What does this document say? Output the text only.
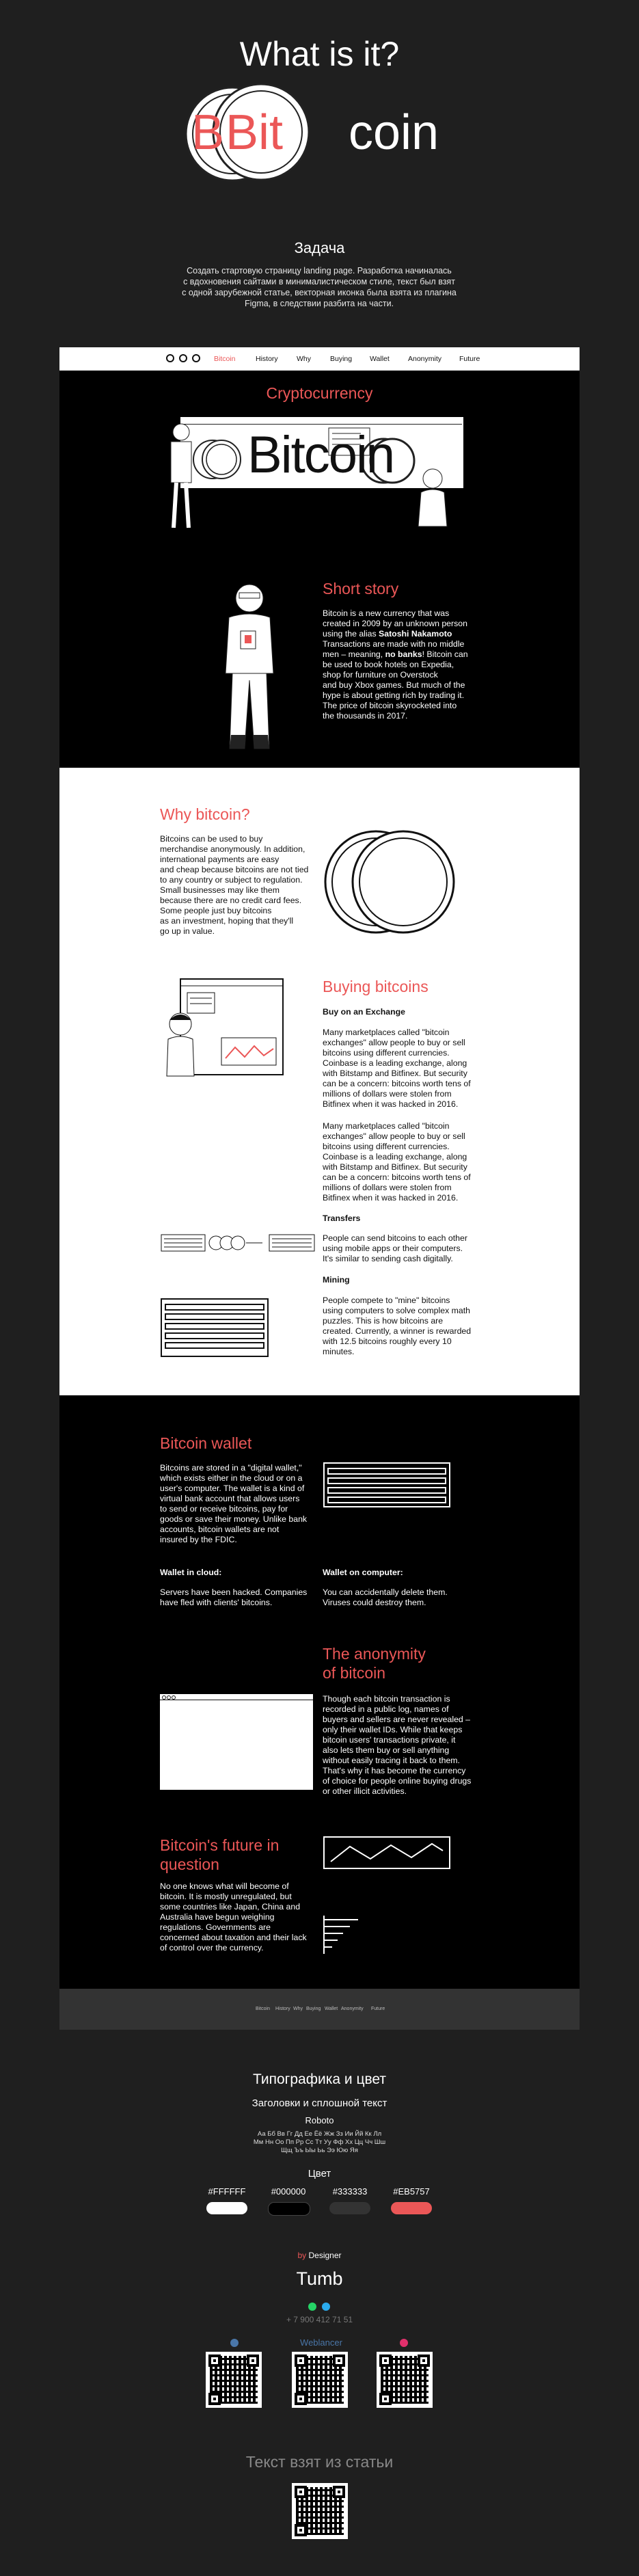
What is it?
B Bit coin
Задача
Создать стартовую страницу landing page. Разработка начиналась
с вдохновения сайтами в минималистическом стиле, текст был взят
с одной зарубежной статье, векторная иконка была взята из плагина
Figma, в следствии разбита на части.
Bitcoin	History	Why	Buying Wallet	Anonymity Future
Cryptocurrency
Bitcoin
Short story
Bitcoin is a new currency that was
created in 2009 by an unknown person
using the alias Satoshi Nakamoto
Transactions are made with no middle
men – meaning, no banks! Bitcoin can
be used to book hotels on Expedia,
shop for furniture on Overstock
and buy Xbox games. But much of the
hype is about getting rich by trading it.
The price of bitcoin skyrocketed into
the thousands in 2017.
Why bitcoin?
Bitcoins can be used to buy
merchandise anonymously. In addition,
international payments are easy
and cheap because bitcoins are not tied
to any country or subject to regulation.
Small businesses may like them
because there are no credit card fees.
Some people just buy bitcoins
as an investment, hoping that they'll
go up in value.
Buying bitcoins
Buy on an Exchange
Many marketplaces called "bitcoin
exchanges" allow people to buy or sell
bitcoins using different currencies.
Coinbase is a leading exchange, along
with Bitstamp and Bitfinex. But security
can be a concern: bitcoins worth tens of
millions of dollars were stolen from
Bitfinex when it was hacked in 2016.
Many marketplaces called "bitcoin
exchanges" allow people to buy or sell
bitcoins using different currencies.
Coinbase is a leading exchange, along
with Bitstamp and Bitfinex. But security
can be a concern: bitcoins worth tens of
millions of dollars were stolen from
Bitfinex when it was hacked in 2016.
Transfers
People can send bitcoins to each other
using mobile apps or their computers.
It's similar to sending cash digitally.
Mining
People compete to "mine" bitcoins
using computers to solve complex math
puzzles. This is how bitcoins are
created. Currently, a winner is rewarded
with 12.5 bitcoins roughly every 10
minutes.
Bitcoin wallet
Bitcoins are stored in a "digital wallet,"
which exists either in the cloud or on a
user's computer. The wallet is a kind of
virtual bank account that allows users
to send or receive bitcoins, pay for
goods or save their money. Unlike bank
accounts, bitcoin wallets are not
insured by the FDIC.
Wallet in cloud:
Servers have been hacked. Companies
have fled with clients' bitcoins.
Wallet on computer:
You can accidentally delete them.
Viruses could destroy them.
The anonymity
of bitcoin
Though each bitcoin transaction is
recorded in a public log, names of
buyers and sellers are never revealed –
only their wallet IDs. While that keeps
bitcoin users' transactions private, it
also lets them buy or sell anything
without easily tracing it back to them.
That's why it has become the currency
of choice for people online buying drugs
or other illicit activities.
Bitcoin's future in
question
No one knows what will become of
bitcoin. It is mostly unregulated, but
some countries like Japan, China and
Australia have begun weighing
regulations. Governments are
concerned about taxation and their lack
of control over the currency.
Bitcoin History Why Buying Wallet Anonymity Future
Типографика и цвет
Заголовки и сплошной текст
Roboto
Аа Бб Вв Гг Дд Ее Ёё Жж Зз Ии Йй Кк Лл
Мм Нн Оо Пп Рр Сс Тт Уу Фф Хх Цц Чч Шш
Щщ Ъъ Ыы Ьь Ээ Юю Яя
Цвет
#FFFFFF	#000000	#333333	#EB5757
by Designer
Tumb
+ 7 900 412 71 51
Weblancer
Текст взят из статьи
